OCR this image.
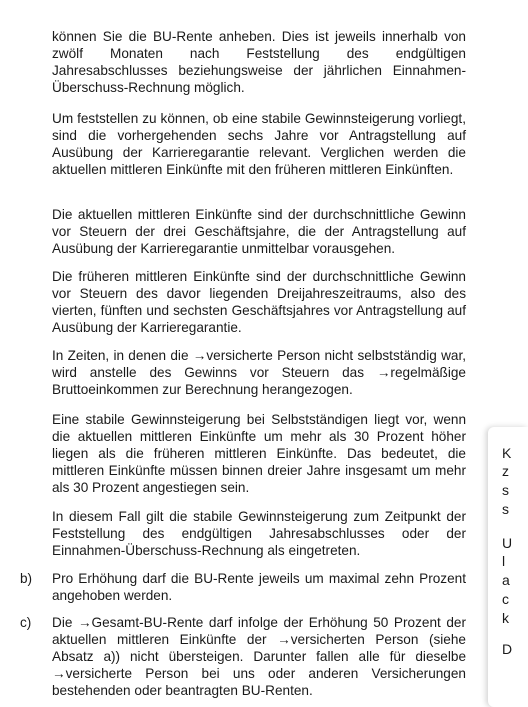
können Sie die BU-Rente anheben. Dies ist jeweils innerhalb von zwölf Monaten nach Feststellung des endgültigen Jahresabschlusses beziehungsweise der jährlichen Einnahmen-Überschuss-Rechnung möglich.

Um feststellen zu können, ob eine stabile Gewinnsteigerung vorliegt, sind die vorhergehenden sechs Jahre vor Antragstellung auf Ausübung der Karrieregarantie relevant. Verglichen werden die aktuellen mittleren Einkünfte mit den früheren mittleren Einkünften.

Die aktuellen mittleren Einkünfte sind der durchschnittliche Gewinn vor Steuern der drei Geschäftsjahre, die der Antragstellung auf Ausübung der Karrieregarantie unmittelbar vorausgehen.

Die früheren mittleren Einkünfte sind der durchschnittliche Gewinn vor Steuern des davor liegenden Dreijahreszeitraums, also des vierten, fünften und sechsten Geschäftsjahres vor Antragstellung auf Ausübung der Karrieregarantie.

In Zeiten, in denen die →versicherte Person nicht selbstständig war, wird anstelle des Gewinns vor Steuern das →regelmäßige Bruttoeinkommen zur Berechnung herangezogen.

Eine stabile Gewinnsteigerung bei Selbstständigen liegt vor, wenn die aktuellen mittleren Einkünfte um mehr als 30 Prozent höher liegen als die früheren mittleren Einkünfte. Das bedeutet, die mittleren Einkünfte müssen binnen dreier Jahre insgesamt um mehr als 30 Prozent angestiegen sein.

In diesem Fall gilt die stabile Gewinnsteigerung zum Zeitpunkt der Feststellung des endgültigen Jahresabschlusses oder der Einnahmen-Überschuss-Rechnung als eingetreten.

b) Pro Erhöhung darf die BU-Rente jeweils um maximal zehn Prozent angehoben werden.

c) Die →Gesamt-BU-Rente darf infolge der Erhöhung 50 Prozent der aktuellen mittleren Einkünfte der →versicherten Person (siehe Absatz a)) nicht übersteigen. Darunter fallen alle für dieselbe →versicherte Person bei uns oder anderen Versicherungen bestehenden oder beantragten BU-Renten.

K
z
s
s
U
l
a
c
k
D
